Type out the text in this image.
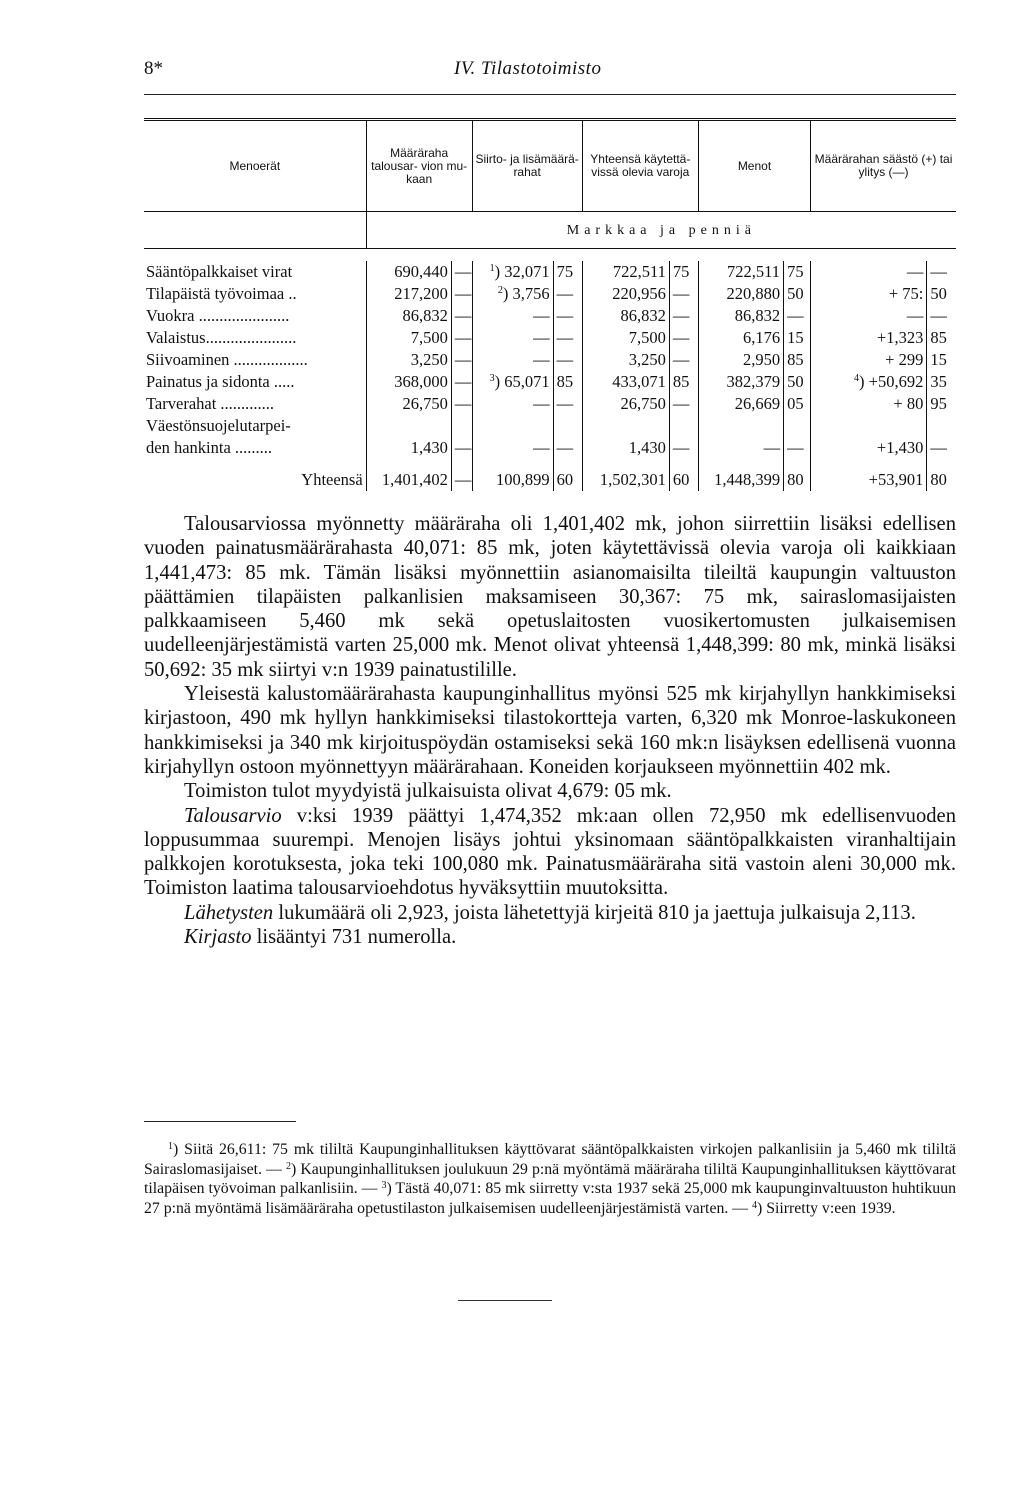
8*	IV. Tilastotoimisto
Menoerät	Määräraha talousar- vion mu- kaan		Siirto- ja lisämäärä- rahat		Yhteensä käytettä- vissä olevia varoja		Menot		Määrärahan säästö (+) tai ylitys (—)	
	Markkaa ja penniä									

Sääntöpalkkaiset virat	690,440	—	$^1$) 32,071	75	722,511	75	722,511	75	—	—
Tilapäistä työvoimaa ..	217,200	—	$^2$) 3,756	—	220,956	—	220,880	50	+ 75:	50
Vuokra ......................	86,832	—	—	—	86,832	—	86,832	—	—	—
Valaistus......................	7,500	—	—	—	7,500	—	6,176	15	+1,323	85
Siivoaminen ..................	3,250	—	—	—	3,250	—	2,950	85	+ 299	15
Painatus ja sidonta .....	368,000	—	$^3$) 65,071	85	433,071	85	382,379	50	$^4$) +50,692	35
Tarverahat .............	26,750	—	—	—	26,750	—	26,669	05	+ 80	95
Väestönsuojelutarpei-										
den hankinta .........	1,430	—	—	—	1,430	—	—	—	+1,430	—
Yhteensä	1,401,402	—	100,899	60	1,502,301	60	1,448,399	80	+53,901	80

Talousarviossa myönnetty määräraha oli 1,401,402 mk, johon siirrettiin lisäksi edellisen vuoden painatusmäärärahasta 40,071: 85 mk, joten käytettävissä olevia varoja oli kaikkiaan 1,441,473: 85 mk. Tämän lisäksi myönnettiin asianomaisilta tileiltä kaupungin valtuuston päättämien tilapäisten palkanlisien maksamiseen 30,367: 75 mk, sairaslomasijaisten palkkaamiseen 5,460 mk sekä opetuslaitosten vuosikertomusten julkaisemisen uudelleenjärjestämistä varten 25,000 mk. Menot olivat yhteensä 1,448,399: 80 mk, minkä lisäksi 50,692: 35 mk siirtyi v:n 1939 painatustilille.

Yleisestä kalustomäärärahasta kaupunginhallitus myönsi 525 mk kirjahyllyn hankkimiseksi kirjastoon, 490 mk hyllyn hankkimiseksi tilastokortteja varten, 6,320 mk Monroe-laskukoneen hankkimiseksi ja 340 mk kirjoituspöydän ostamiseksi sekä 160 mk:n lisäyksen edellisenä vuonna kirjahyllyn ostoon myönnettyyn määrärahaan. Koneiden korjaukseen myönnettiin 402 mk.

Toimiston tulot myydyistä julkaisuista olivat 4,679: 05 mk.

Talousarvio v:ksi 1939 päättyi 1,474,352 mk:aan ollen 72,950 mk edellisenvuoden loppusummaa suurempi. Menojen lisäys johtui yksinomaan sääntöpalkkaisten viranhaltijain palkkojen korotuksesta, joka teki 100,080 mk. Painatusmääräraha sitä vastoin aleni 30,000 mk. Toimiston laatima talousarvioehdotus hyväksyttiin muutoksitta.

Lähetysten lukumäärä oli 2,923, joista lähetettyjä kirjeitä 810 ja jaettuja julkaisuja 2,113.

Kirjasto lisääntyi 731 numerolla.

$^1$) Siitä 26,611: 75 mk tililtä Kaupunginhallituksen käyttövarat sääntöpalkkaisten virkojen palkanlisiin ja 5,460 mk tililtä Sairaslomasijaiset. — $^2$) Kaupunginhallituksen joulukuun 29 p:nä myöntämä määräraha tililtä Kaupunginhallituksen käyttövarat tilapäisen työvoiman palkanlisiin. — $^3$) Tästä 40,071: 85 mk siirretty v:sta 1937 sekä 25,000 mk kaupunginvaltuuston huhtikuun 27 p:nä myöntämä lisämääräraha opetustilaston julkaisemisen uudelleenjärjestämistä varten. — $^4$) Siirretty v:een 1939.
